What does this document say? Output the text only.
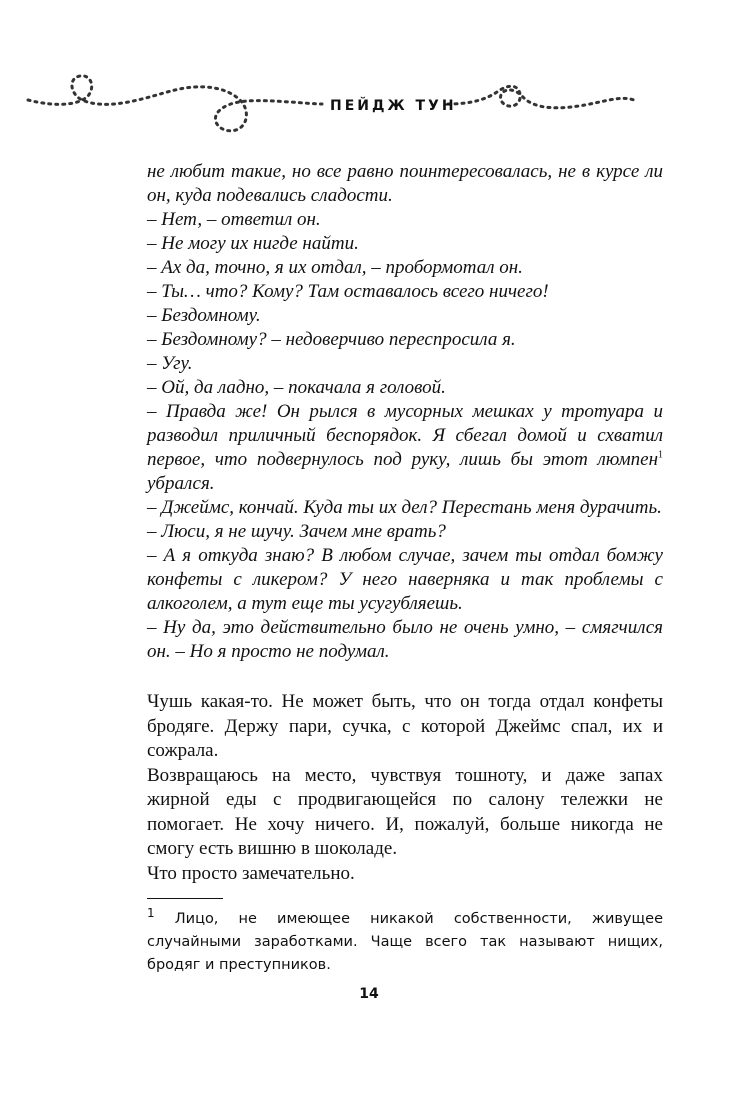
ПЕЙДЖ ТУН

не любит такие, но все равно поинтересовалась, не в курсе ли он, куда подевались сладости.

– Нет, – ответил он.

– Не могу их нигде найти.

– Ах да, точно, я их отдал, – пробормотал он.

– Ты… что? Кому? Там оставалось всего ничего!

– Бездомному.

– Бездомному? – недоверчиво переспросила я.

– Угу.

– Ой, да ладно, – покачала я головой.

– Правда же! Он рылся в мусорных мешках у тротуара и разводил приличный беспорядок. Я сбегал домой и схватил первое, что подвернулось под руку, лишь бы этот люмпен$^1$ убрался.

– Джеймс, кончай. Куда ты их дел? Перестань меня дурачить.

– Люси, я не шучу. Зачем мне врать?

– А я откуда знаю? В любом случае, зачем ты отдал бомжу конфеты с ликером? У него наверняка и так проблемы с алкоголем, а тут еще ты усугубляешь.

– Ну да, это действительно было не очень умно, – смягчился он. – Но я просто не подумал.

Чушь какая-то. Не может быть, что он тогда отдал конфеты бродяге. Держу пари, сучка, с которой Джеймс спал, их и сожрала.

Возвращаюсь на место, чувствуя тошноту, и даже запах жирной еды с продвигающейся по салону тележки не помогает. Не хочу ничего. И, пожалуй, больше никогда не смогу есть вишню в шоколаде.

Что просто замечательно.

$^1$ Лицо, не имеющее никакой собственности, живущее случайными заработками. Чаще всего так называют нищих, бродяг и преступников.
14
